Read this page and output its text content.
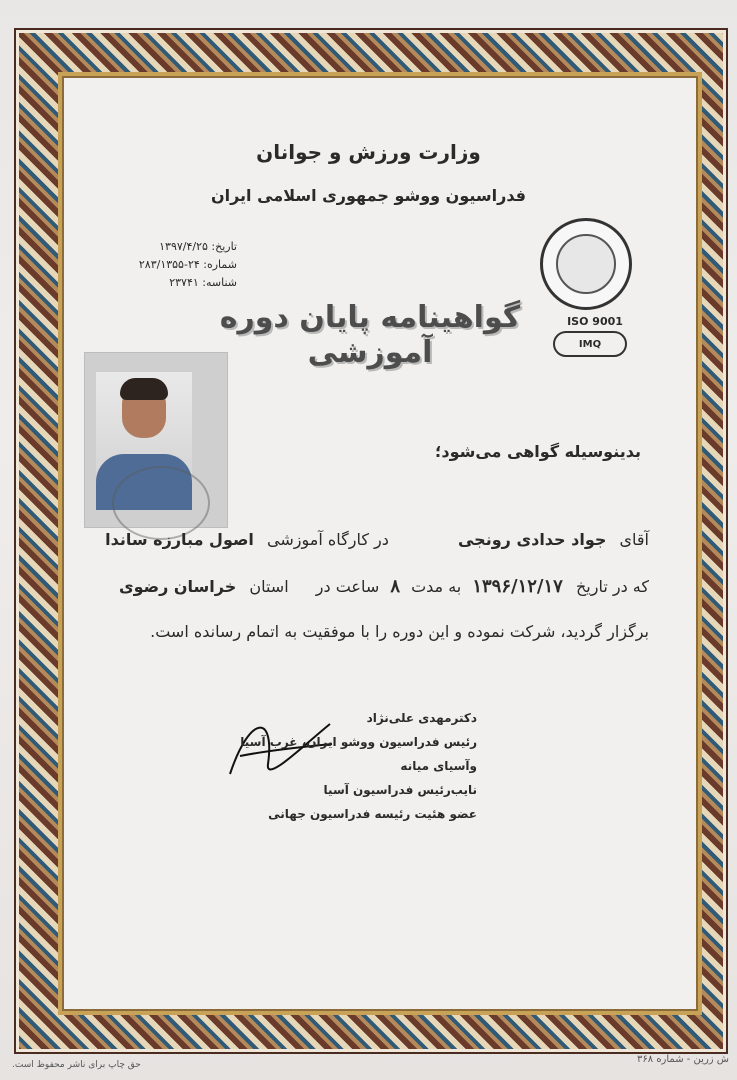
وزارت ورزش و جوانان
فدراسیون ووشو جمهوری اسلامی ایران
تاریخ: ۱۳۹۷/۴/۲۵
شماره: ۲۴-۲۸۳/۱۳۵۵
شناسه: ۲۳۷۴۱
ISO 9001
IMQ
گواهینامه پایان دوره آموزشی
بدینوسیله گواهی می‌شود؛
آقای جواد حدادی رونجی در کارگاه آموزشی اصول مبارزه ساندا
که در تاریخ ۱۳۹۶/۱۲/۱۷ به مدت ۸ ساعت در استان خراسان رضوی
برگزار گردید، شرکت نموده و این دوره را با موفقیت به اتمام رسانده است.
دکترمهدی علی‌نژاد
رئیس فدراسیون ووشو ایران، غرب آسیا وآسیای میانه
نایب‌رئیس فدراسیون آسیا
عضو هئیت رئیسه فدراسیون جهانی
حق چاپ برای ناشر محفوظ است.	ش زرین - شماره ۳۶۸
